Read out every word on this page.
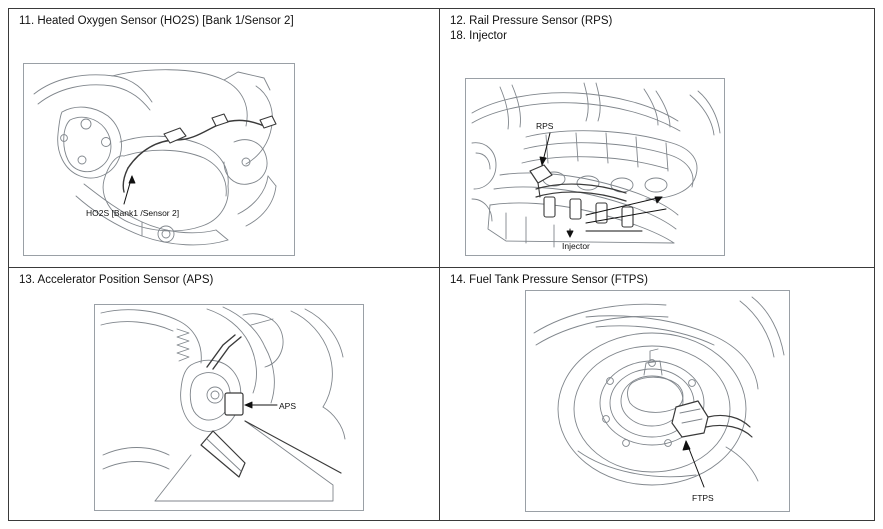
11. Heated Oxygen Sensor (HO2S) [Bank 1/Sensor 2]
HO2S [Bank1 /Sensor 2]
12. Rail Pressure Sensor (RPS)
18. Injector
RPS
Injector
13. Accelerator Position Sensor (APS)
APS
14. Fuel Tank Pressure Sensor (FTPS)
FTPS
